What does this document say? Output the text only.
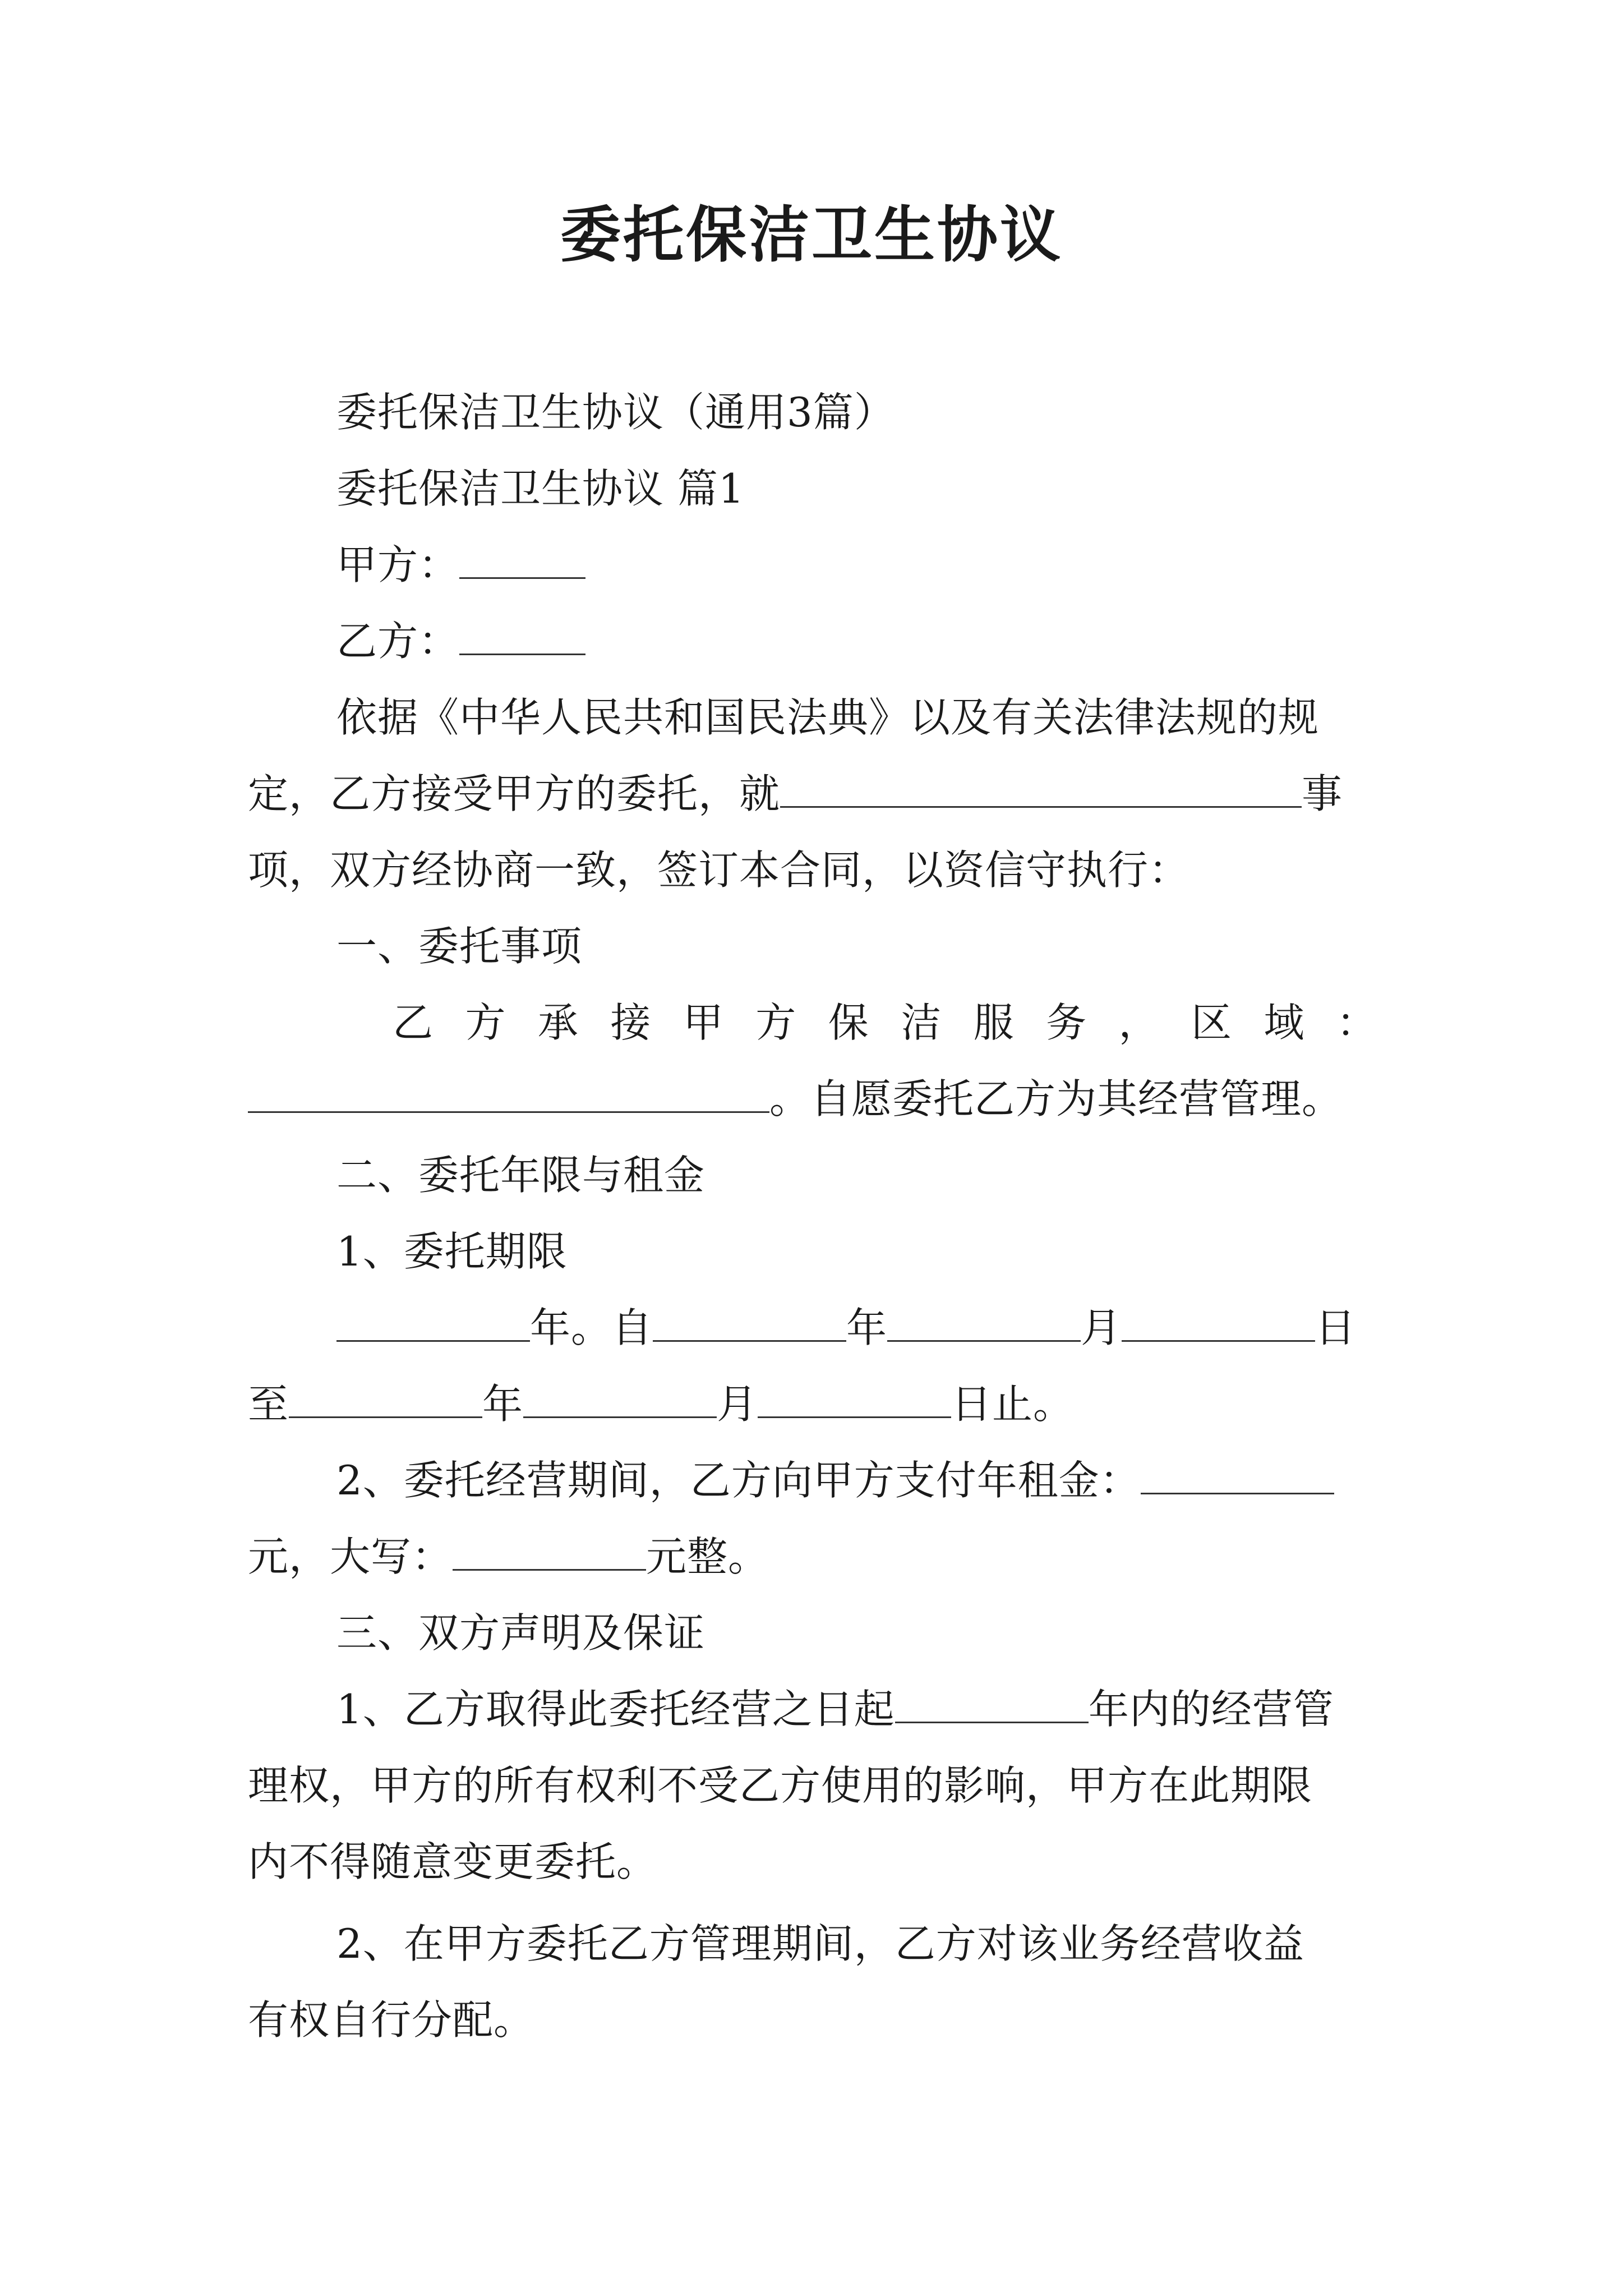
委托保洁卫生协议
委托保洁卫生协议（通用3篇）
委托保洁卫生协议 篇1
甲方：
乙方：
依据《中华人民共和国民法典》以及有关法律法规的规
定，乙方接受甲方的委托，就	事
项，双方经协商一致，签订本合同，以资信守执行：
一、委托事项
乙 方 承 接 甲 方 保 洁 服 务 ， 区 域 ：
。自愿委托乙方为其经营管理。
二、委托年限与租金
1、委托期限
年。自	年	月	日
至	年	月	日止。
2、委托经营期间，乙方向甲方支付年租金：
元，大写：	元整。
三、双方声明及保证
1、乙方取得此委托经营之日起	年内的经营管
理权，甲方的所有权利不受乙方使用的影响，甲方在此期限
内不得随意变更委托。
2、在甲方委托乙方管理期间，乙方对该业务经营收益
有权自行分配。
